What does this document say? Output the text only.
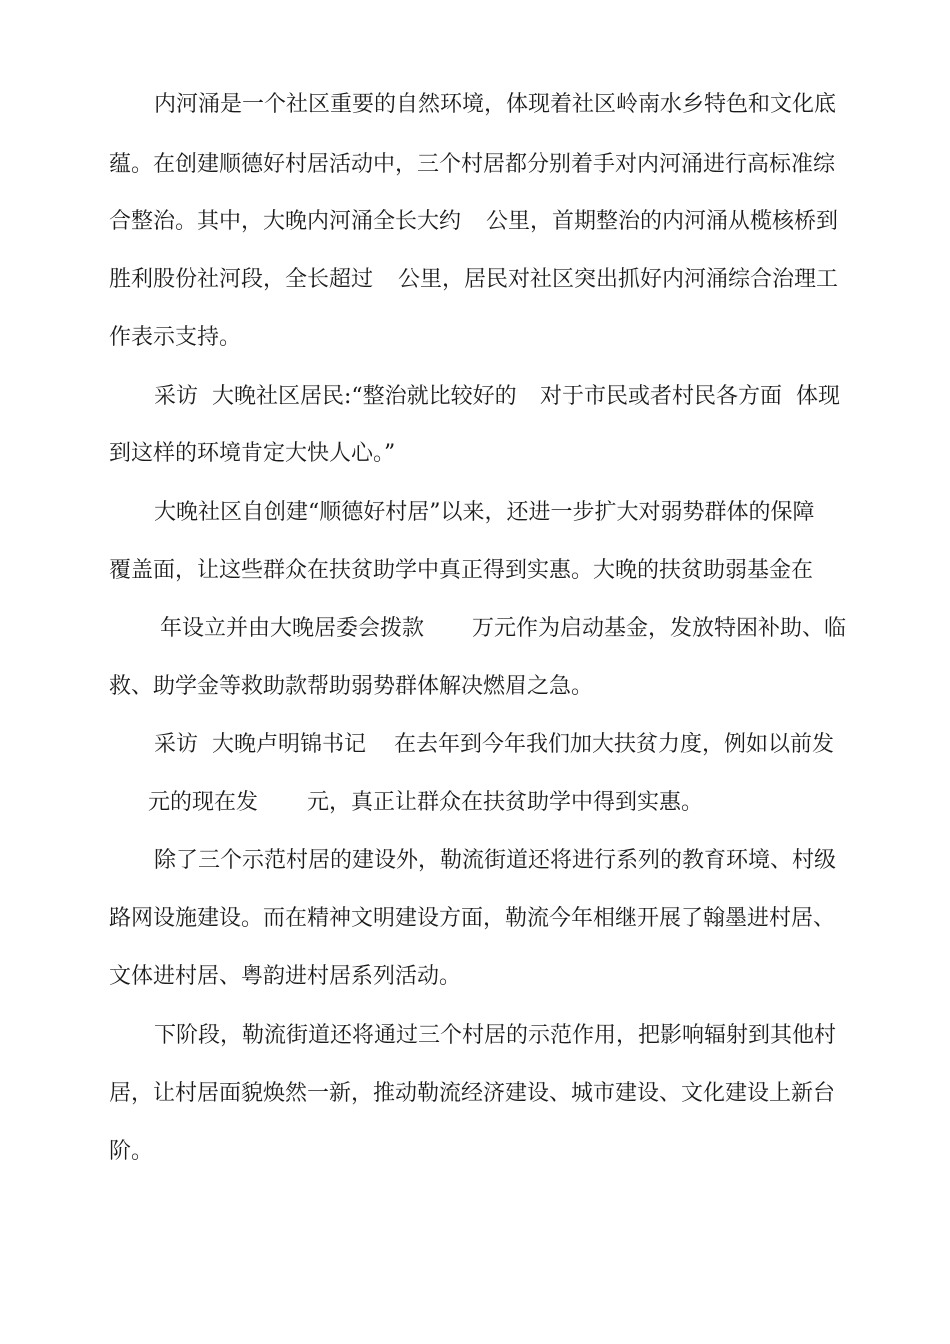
内河涌是一个社区重要的自然环境，体现着社区岭南水乡特色和文化底
蕴。在创建顺德好村居活动中，三个村居都分别着手对内河涌进行高标准综
合整治。其中，大晚内河涌全长大约 公里，首期整治的内河涌从榄核桥到
胜利股份社河段，全长超过 公里，居民对社区突出抓好内河涌综合治理工
作表示支持。
采访 大晚社区居民:“整治就比较好的 对于市民或者村民各方面 体现
到这样的环境肯定大快人心。”
大晚社区自创建“顺德好村居”以来，还进一步扩大对弱势群体的保障
覆盖面，让这些群众在扶贫助学中真正得到实惠。大晚的扶贫助弱基金在
年设立并由大晚居委会拨款 万元作为启动基金，发放特困补助、临
救、助学金等救助款帮助弱势群体解决燃眉之急。
采访 大晚卢明锦书记 在去年到今年我们加大扶贫力度，例如以前发
元的现在发 元，真正让群众在扶贫助学中得到实惠。
除了三个示范村居的建设外，勒流街道还将进行系列的教育环境、村级
路网设施建设。而在精神文明建设方面，勒流今年相继开展了翰墨进村居、
文体进村居、粤韵进村居系列活动。
下阶段，勒流街道还将通过三个村居的示范作用，把影响辐射到其他村
居，让村居面貌焕然一新，推动勒流经济建设、城市建设、文化建设上新台
阶。
